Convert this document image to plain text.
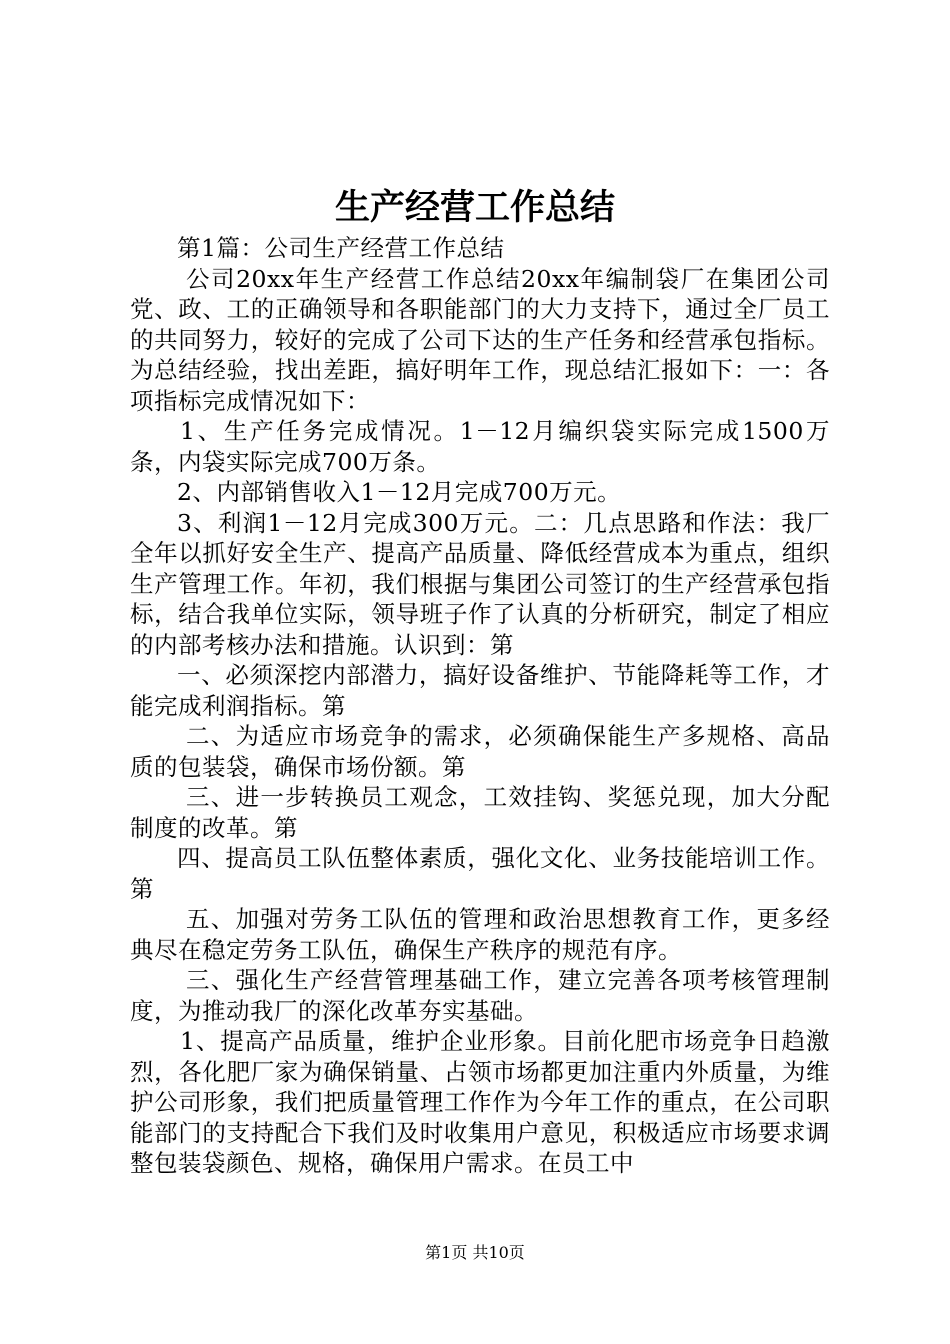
生产经营工作总结

第1篇：公司生产经营工作总结

公司20xx年生产经营工作总结20xx年编制袋厂在集团公司党、政、工的正确领导和各职能部门的大力支持下，通过全厂员工的共同努力，较好的完成了公司下达的生产任务和经营承包指标。为总结经验，找出差距，搞好明年工作，现总结汇报如下：一：各项指标完成情况如下：

1、生产任务完成情况。1－12月编织袋实际完成1500万条，内袋实际完成700万条。

2、内部销售收入1－12月完成700万元。

3、利润1－12月完成300万元。二：几点思路和作法：我厂全年以抓好安全生产、提高产品质量、降低经营成本为重点，组织生产管理工作。年初，我们根据与集团公司签订的生产经营承包指标，结合我单位实际，领导班子作了认真的分析研究，制定了相应的内部考核办法和措施。认识到：第

一、必须深挖内部潜力，搞好设备维护、节能降耗等工作，才能完成利润指标。第

二、为适应市场竞争的需求，必须确保能生产多规格、高品质的包装袋，确保市场份额。第

三、进一步转换员工观念，工效挂钩、奖惩兑现，加大分配制度的改革。第

四、提高员工队伍整体素质，强化文化、业务技能培训工作。第

五、加强对劳务工队伍的管理和政治思想教育工作，更多经典尽在稳定劳务工队伍，确保生产秩序的规范有序。

三、强化生产经营管理基础工作，建立完善各项考核管理制度，为推动我厂的深化改革夯实基础。

1、提高产品质量，维护企业形象。目前化肥市场竞争日趋激烈，各化肥厂家为确保销量、占领市场都更加注重内外质量，为维护公司形象，我们把质量管理工作作为今年工作的重点，在公司职能部门的支持配合下我们及时收集用户意见，积极适应市场要求调整包装袋颜色、规格，确保用户需求。在员工中

第1页 共10页
